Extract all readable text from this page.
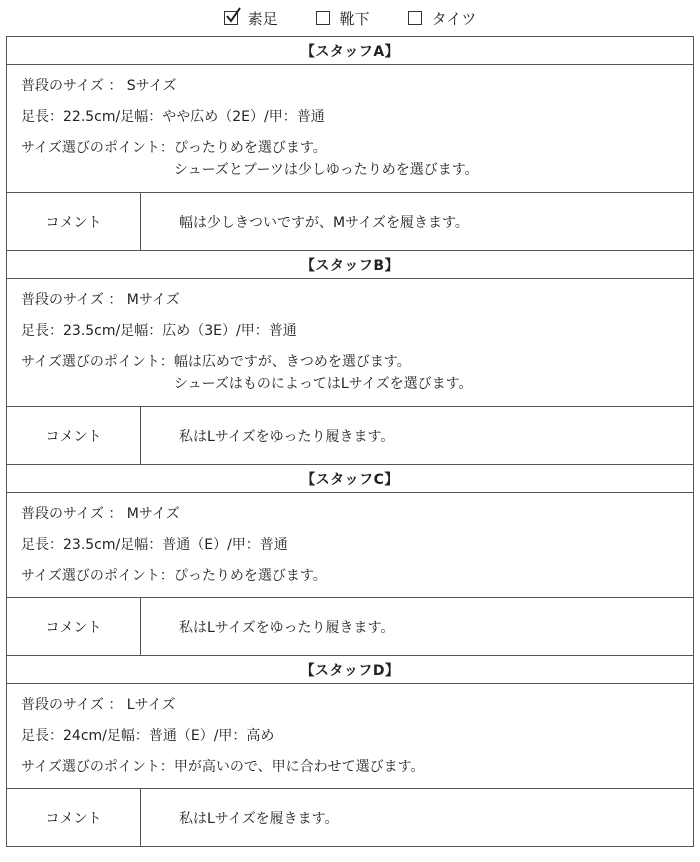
素足	靴下	タイツ
【スタッフA】
普段のサイズ ： Sサイズ
足長：22.5cm/足幅：やや広め（2E）/甲：普通
サイズ選びのポイント： ぴったりめを選びます。
シューズとブーツは少しゆったりめを選びます。
コメント	幅は少しきついですが、Mサイズを履きます。
【スタッフB】
普段のサイズ ： Mサイズ
足長：23.5cm/足幅：広め（3E）/甲：普通
サイズ選びのポイント： 幅は広めですが、きつめを選びます。
シューズはものによってはLサイズを選びます。
コメント	私はLサイズをゆったり履きます。
【スタッフC】
普段のサイズ ： Mサイズ
足長：23.5cm/足幅：普通（E）/甲：普通
サイズ選びのポイント： ぴったりめを選びます。
コメント	私はLサイズをゆったり履きます。
【スタッフD】
普段のサイズ ： Lサイズ
足長：24cm/足幅：普通（E）/甲：高め
サイズ選びのポイント： 甲が高いので、甲に合わせて選びます。
コメント	私はLサイズを履きます。
